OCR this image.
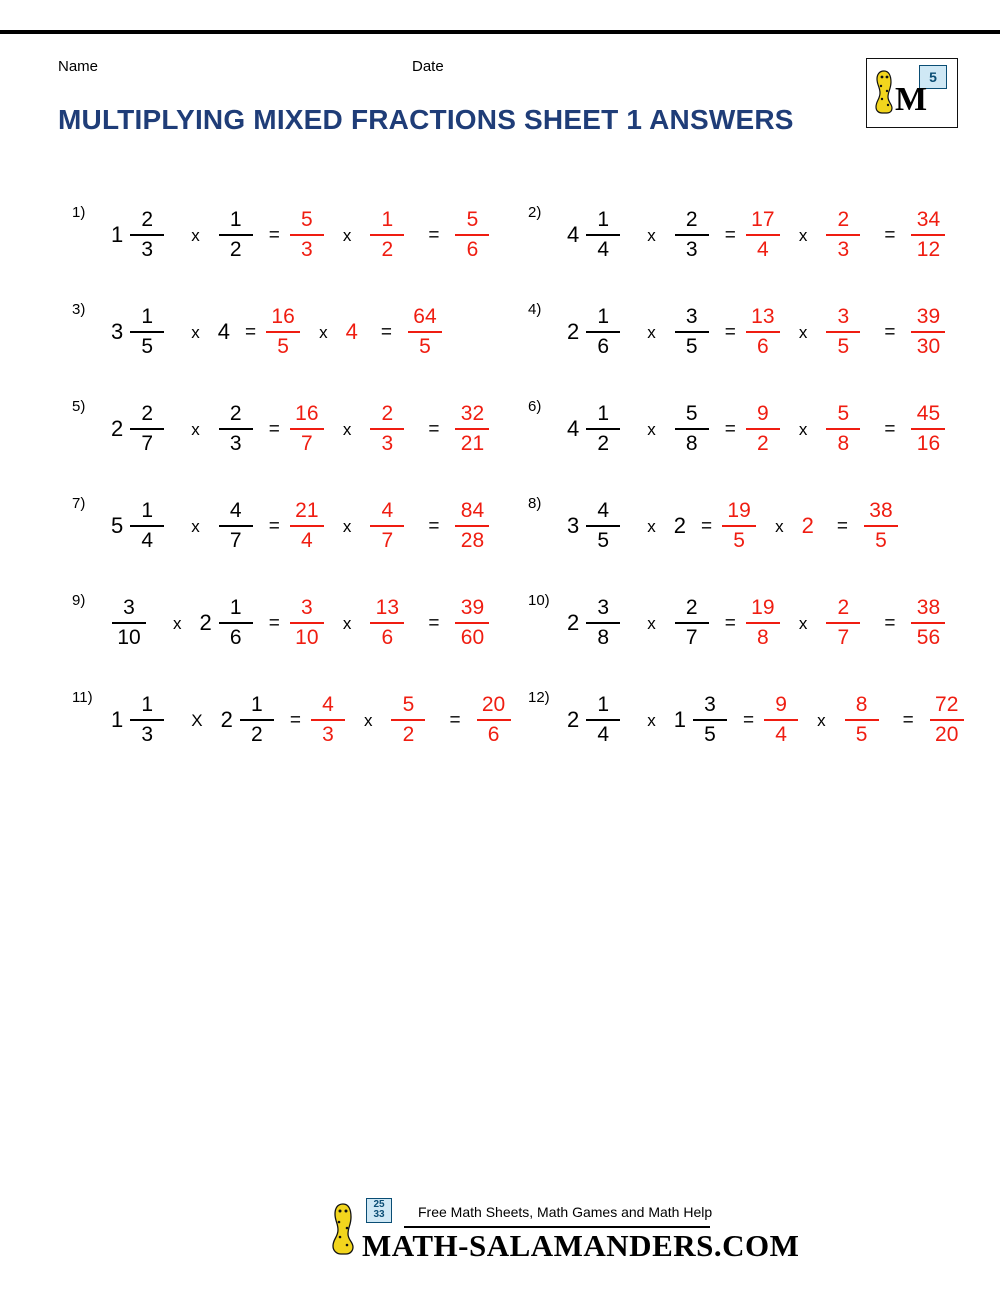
Name	Date
MULTIPLYING MIXED FRACTIONS SHEET 1 ANSWERS
5
M
1)
$1 \frac{2}{3}$ x $\frac{1}{2} = \frac{5}{3}$ x $\frac{1}{2} = \frac{5}{6}$	2)
$4 \frac{1}{4}$ x $\frac{2}{3} = \frac{17}{4}$ x $\frac{2}{3} = \frac{34}{12}$
3)
$3 \frac{1}{5}$ x $4 = \frac{16}{5}$ x $4 = \frac{64}{5}$	4)
$2 \frac{1}{6}$ x $\frac{3}{5} = \frac{13}{6}$ x $\frac{3}{5} = \frac{39}{30}$
5)
$2 \frac{2}{7}$ x $\frac{2}{3} = \frac{16}{7}$ x $\frac{2}{3} = \frac{32}{21}$	6)
$4 \frac{1}{2}$ x $\frac{5}{8} = \frac{9}{2}$ x $\frac{5}{8} = \frac{45}{16}$
7)
$5 \frac{1}{4}$ x $\frac{4}{7} = \frac{21}{4}$ x $\frac{4}{7} = \frac{84}{28}$	8)
$3 \frac{4}{5}$ x $2 = \frac{19}{5}$ x $2 = \frac{38}{5}$
$9) \frac{3}{10}$ x $2 \frac{1}{6} = \frac{3}{10}$ x $\frac{13}{6} = \frac{39}{60}$	10)
$2 \frac{3}{8}$ x $\frac{2}{7} = \frac{19}{8}$ x $\frac{2}{7} = \frac{38}{56}$
11)
$1 \frac{1}{3}$ X $2 \frac{1}{2} = \frac{4}{3}$ x $\frac{5}{2} = \frac{20}{6} 12$)
$2 \frac{1}{4}$ x $1 \frac{3}{5} = \frac{9}{4}$ x $\frac{8}{5} = \frac{72}{20}$
25
33	Free Math Sheets, Math Games and Math Help
MATH-SALAMANDERS.COM
